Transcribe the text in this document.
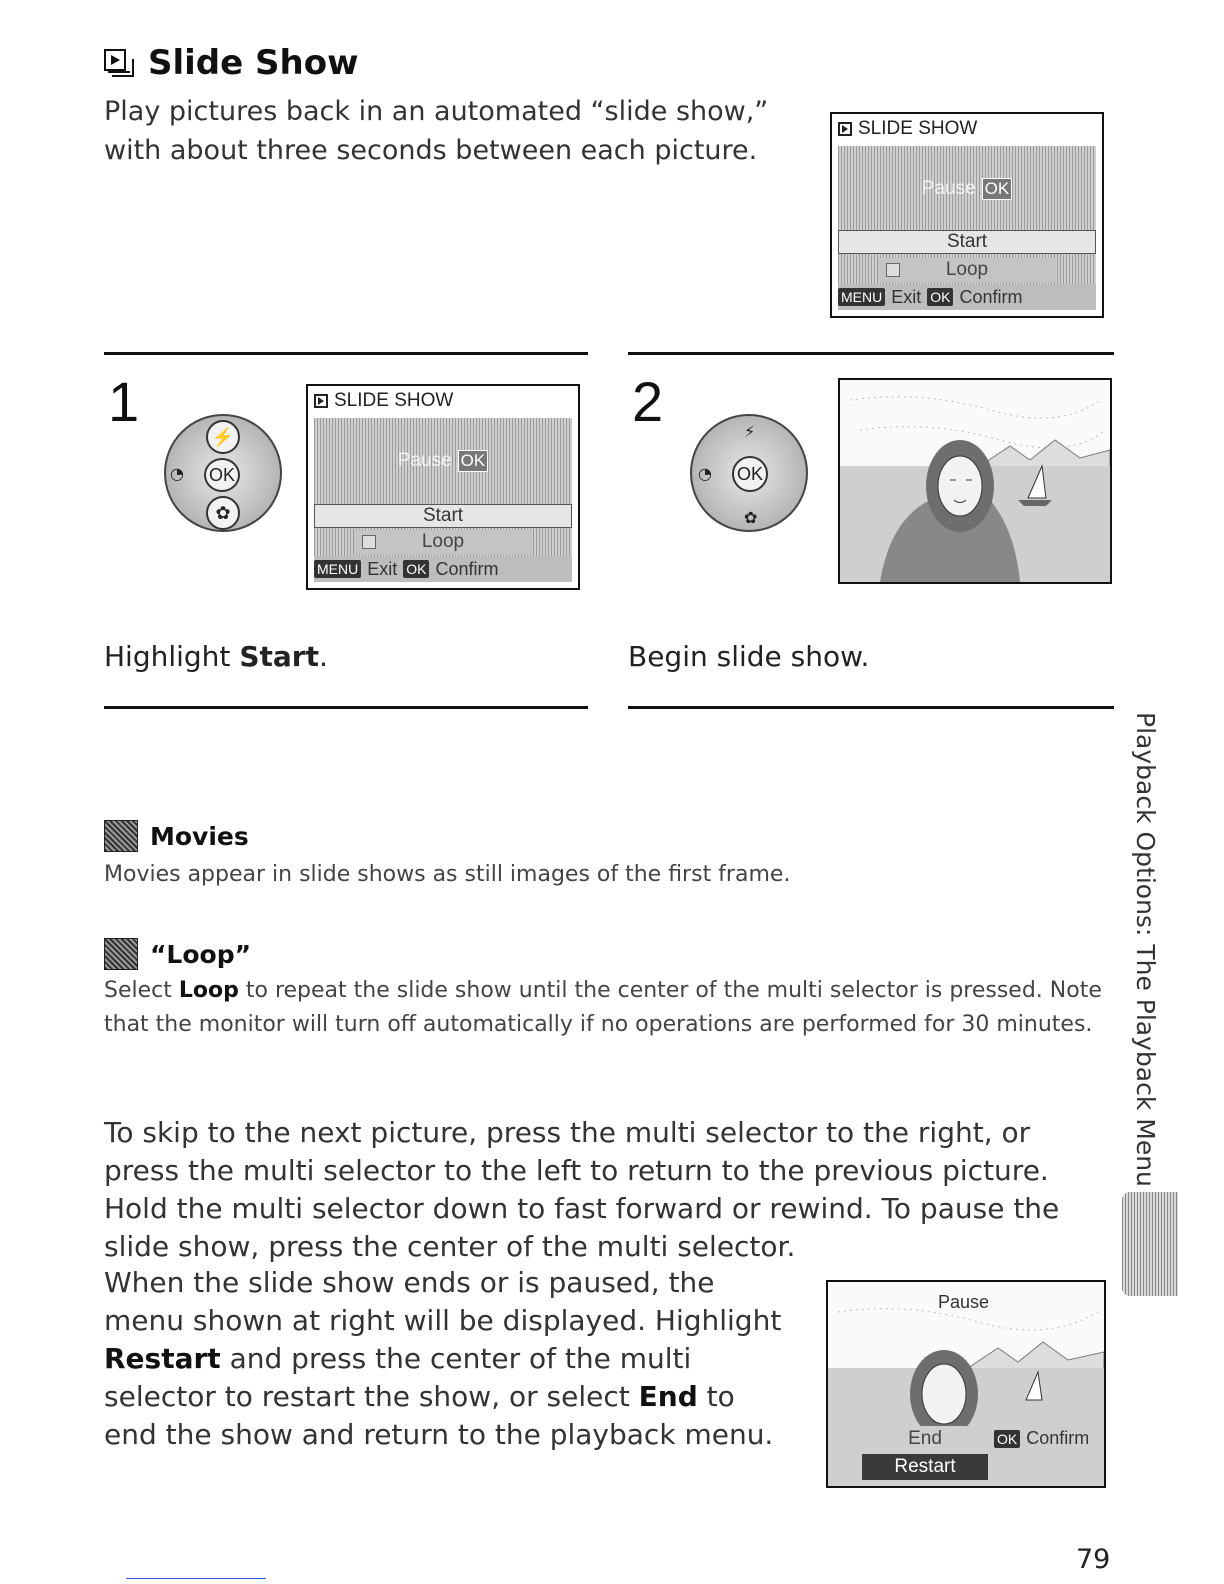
Slide Show
Play pictures back in an automated “slide show,” with about three seconds between each picture.
SLIDE SHOW
Pause OK
Start
Loop
MENU Exit OK Confirm
1
⚡
OK
✿
◔
SLIDE SHOW
Pause OK
Start
Loop
MENU Exit OK Confirm
Highlight Start.
2
OK
⚡
✿
◔
Begin slide show.
Movies
Movies appear in slide shows as still images of the first frame.
“Loop”
Select Loop to repeat the slide show until the center of the multi selector is pressed. Note that the monitor will turn off automatically if no operations are performed for 30 minutes.
To skip to the next picture, press the multi selector to the right, or press the multi selector to the left to return to the previous picture. Hold the multi selector down to fast forward or rewind. To pause the slide show, press the center of the multi selector.
When the slide show ends or is paused, the menu shown at right will be displayed. Highlight Restart and press the center of the multi selector to restart the show, or select End to end the show and return to the playback menu.
Pause
End
Restart
OK Confirm
Playback Options: The Playback Menu
79
